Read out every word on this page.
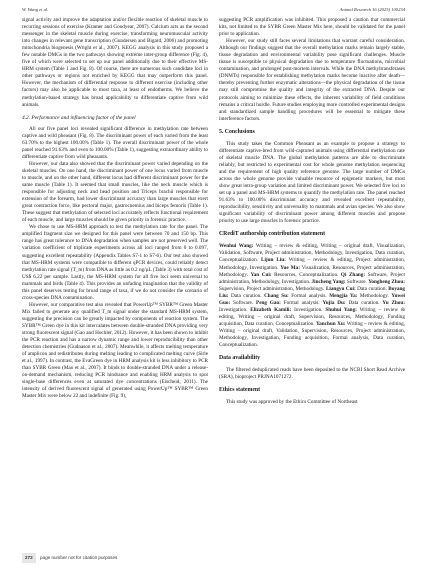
W. Wang et al.	Animal Research 16 (2025) 100234

signal activity and improve the adaptation and/or flexible reaction of skeletal muscle to recurring sessions of exercise (Kramer and Goodyear, 2007). Calcium acts as the second messenger in the skeletal muscle during exercise, transforming neuromuscular activity into changes in relevant gene transcription (Gundersen and Bigard, 2006) and promoting mitochondria biogenesis (Wright et al., 2007). KEGG analysis in this study proposed a few notable DMGs in the two pathways showing extreme inter-group difference (Fig. 4), five of which were selected to set up our panel additionally due to their effective MS-HRM system (Table 1 and Fig. 8). Of course, there are numerous such candidate loci in other pathways or regions not enriched by KEGG that may outperform this panel. However, the mechanism of differential response to different exercise (including other factors) may also be applicable to most taxa, at least of endotherms. We believe the methylation-based strategy has broad applicability to differentiate captive from wild animals.

4.2. Performance and influencing factor of the panel

All our five panel loci revealed significant difference in methylation rate between captive and wild pheasant (Fig. 8). The discriminant power of each varied from the least 63.70% to the highest 100.00% (Table 1). The overall discriminant power of the whole panel reached 91.63% and even to 100.00% (Table 1), suggesting extraordinary ability to differentiate captive from wild pheasants.

However, our data also showed that the discriminant power varied depending on the skeletal muscles. On one hand, the discriminant power of one locus varied from muscle to muscle, and on the other hand, different locus had different discriminant power for the same muscle (Table 1). It seemed that small muscles, like the neck muscle which is responsible for adjusting neck and head position and Triceps brachii responsible for extension of the forearm, had lower discriminant accuracy than large muscles that exert great contraction force, like pectoral major, gastrocnemius and biceps femoris (Table 1). These suggest that methylation of selected loci accurately reflects functional requirement of each muscle, and large muscles should be given priority in forensic practice.

We chose to use MS-HRM approach to test the methylation rate for the panel. The amplified fragment size we designed for this panel were between 70 and 150 bp. This range has great tolerance to DNA degradation when samples are not preserved well. The variation coefficient of triplicate experiments across all loci ranged from 0 to 0.097, suggesting excellent repeatability (Appendix Tables S7-1 to S7-6). Our test also showed that MS-HRM systems were compatible to different qPCR devices, could reliably detect methylation rate signal (T_m) from DNA as little as 0.2 ng/µL (Table 3) with total cost of US$ 6.22 per sample. Lastly, the MS-HRM system for all five loci seem universal to mammals and birds (Table 4). This provides an unfading imagination that the validity of this panel deserves testing for broad range of taxa, if we do not consider the scenario of cross-species DNA contamination.

However, our comparative test also revealed that PowerUp™ SYBR™ Green Master Mix failed to generate any qualified T_m signal under the standard MS-HRM system, suggesting the precision can be greatly impacted by components of reaction system. The SYBR™ Green dye in this kit intercalates between double-stranded DNA providing very strong fluorescent signal (Gao and Hochler, 2012). However, it has been shown to inhibit the PCR reaction and has a narrow dynamic range and lower reproducibility than other detection chemistries (Gudnason et al., 2007). Meanwhile, it affects melting temperature of amplicon and redistributes during melting leading to complicated melting curve (Sirle et al., 1997). In contrast, the EvaGreen dye in HRM analysis kit is less inhibitory to PCR than SYBR Green (Mao et al., 2007). It binds to double-stranded DNA under a release-on-demand mechanism, reducing PCR hindrance and enabling HRM analysis to spot single-base differences even at saturated dye concentrations (Eischeid, 2011). The intensity of derived fluorescent signal of generated using PowerUp™ SYBR™ Green Master Mix were below 22 and indefinite (Fig. 9),

suggesting PCR amplification was inhibited. This proposed a caution that commercial kits, not limited to the SYBR Green Master Mix here, should be validated for the panel prior to application.

However, our study still faces several limitations that warrant careful consideration. Although our findings suggest that the overall methylation marks remain largely stable, tissue degradation and environmental variability pose significant challenges. Muscle tissue is susceptible to physical degradation due to temperature fluctuations, microbial contamination, and prolonged post-mortem intervals. While the DNA methyltransferases (DNMTs) responsible for establishing methylation marks become inactive after death—thereby preventing further enzymatic alterations—the physical degradation of the tissue may still compromise the quality and integrity of the extracted DNA. Despite our protocols aiming to minimize these effects, the inherent variability of field conditions remains a critical hurdle. Future studies employing more controlled experimental designs and standardized sample handling procedures will be essential to mitigate these interference factors.

5. Conclusions

This study takes the Common Pheasant as an example to propose a strategy to differentiate captive-bred from wild-captured animals using differential methylation rate of skeletal muscle DNA. The global methylation patterns are able to discriminate reliably, but restricted to experimental cost for whole genome methylation sequencing and the requirement of high quality reference genome. The large number of DMGs across the whole genome provide valuable resource of epigenetic markers, but most show great intra-group variation and limited discriminant power. We selected five loci to set up a panel and MS-HRM systems to quantify the methylation rate. The panel reached 91.63% to 100.00% discriminant accuracy and revealed excellent repeatability, reproducibility, sensitivity and universality to mammals and avian species. We also show significant variability of discriminant power among different muscles and propose priority to use large muscles in forensic practice.

CRediT authorship contribution statement

Wenhui Wang: Writing – review & editing, Writing – original draft, Visualization, Validation, Software, Project administration, Methodology, Investigation, Data curation, Conceptualization. Lijun Liu: Writing – review & editing, Project administration, Methodology, Investigation. Yue Ma: Visualization, Resources, Project administration, Methodology. Yan Cui: Resources, Conceptualization. Qi Zhang: Software, Project administration, Methodology, Investigation. Jincheng Yang: Software. Yongheng Zhou: Supervision, Project administration, Methodology. Liangyu Cui: Data curation. Boyang Liu: Data curation. Chang Su: Formal analysis. Mengjia Ya: Methodology. Yuwei Guo: Software. Peng Gao: Formal analysis. Yujia Du: Data curation. Yu Zhou: Investigation. Elizabeth Kamili: Investigation. Shuhui Yang: Writing – review & editing, Writing – original draft, Supervision, Resources, Methodology, Funding acquisition, Data curation, Conceptualization. Yanchun Xu: Writing – review & editing, Writing – original draft, Validation, Supervision, Resources, Project administration, Methodology, Investigation, Funding acquisition, Formal analysis, Data curation, Conceptualization.

Data availability

The filtered deduplicated reads have been deposited to the NCBI Short Read Archive (SRA), bioproject PRJNA1071272.

Ethics statement

This study was approved by the Ethics Committee of Northeast

272 page number not for citation purposes
